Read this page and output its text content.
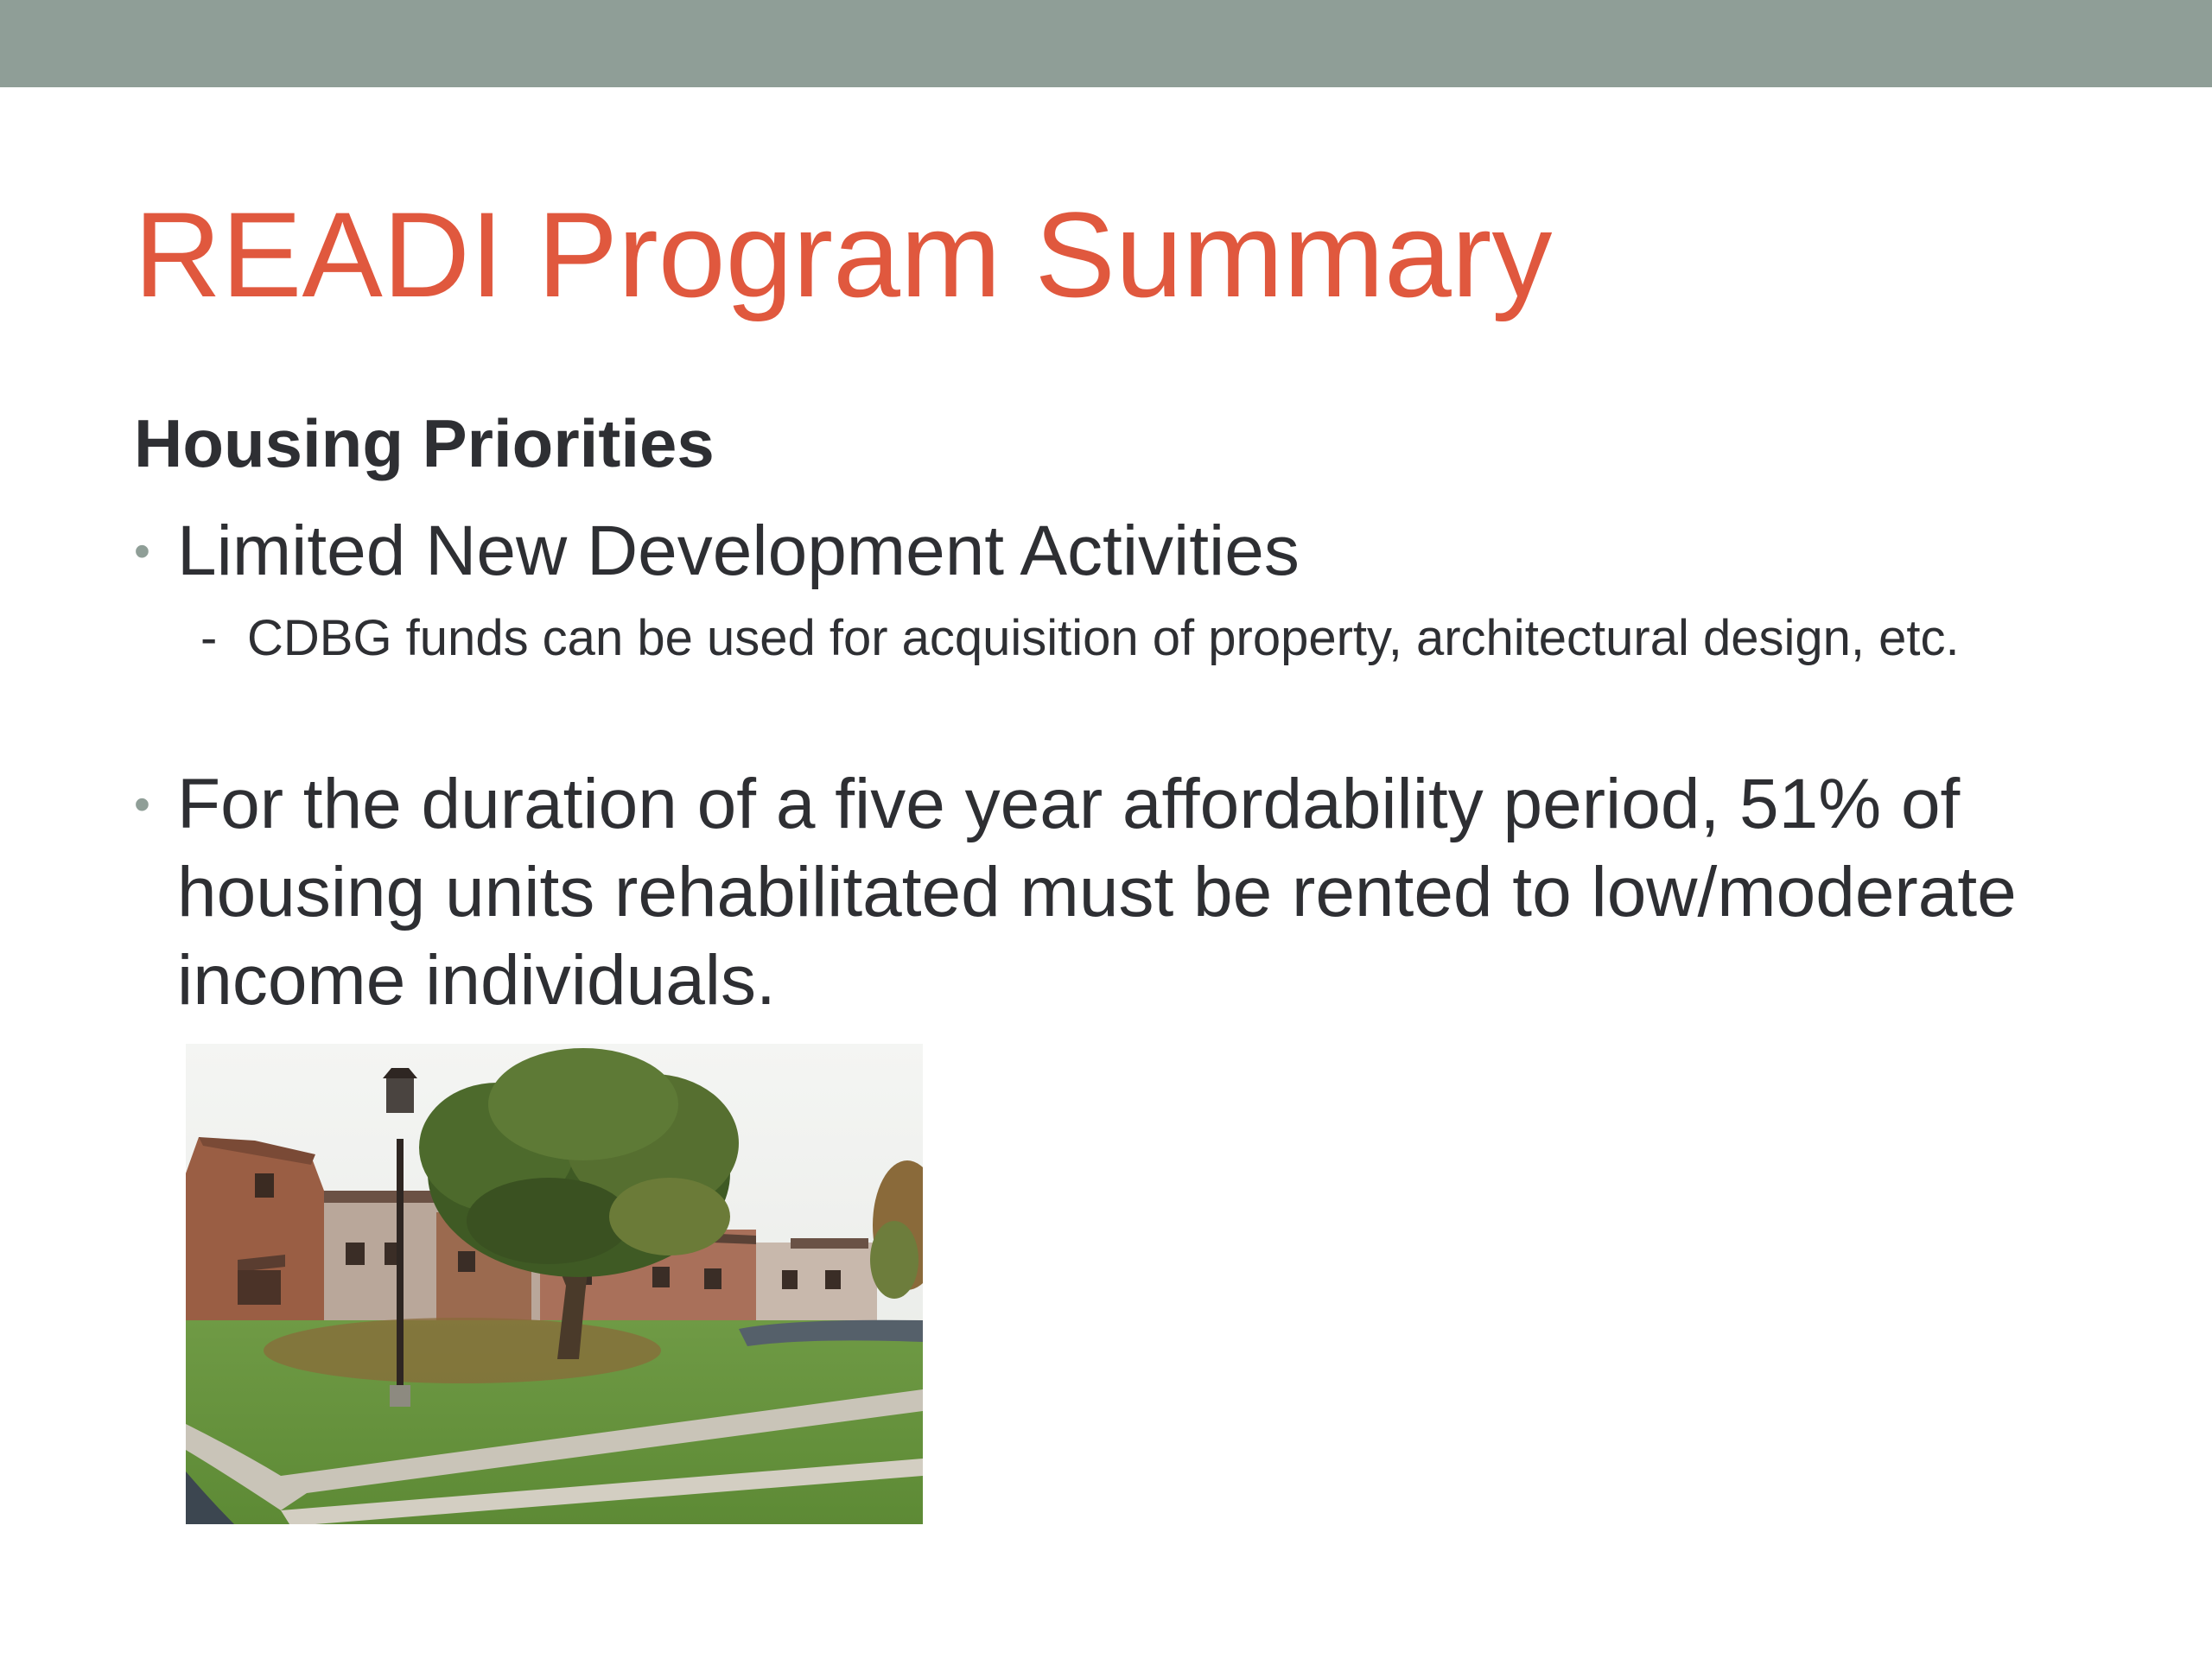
READI Program Summary
Housing Priorities
• Limited New Development Activities
- CDBG funds can be used for acquisition of property, architectural design, etc.
• For the duration of a five year affordability period, 51% of housing units rehabilitated must be rented to low/moderate income individuals.
